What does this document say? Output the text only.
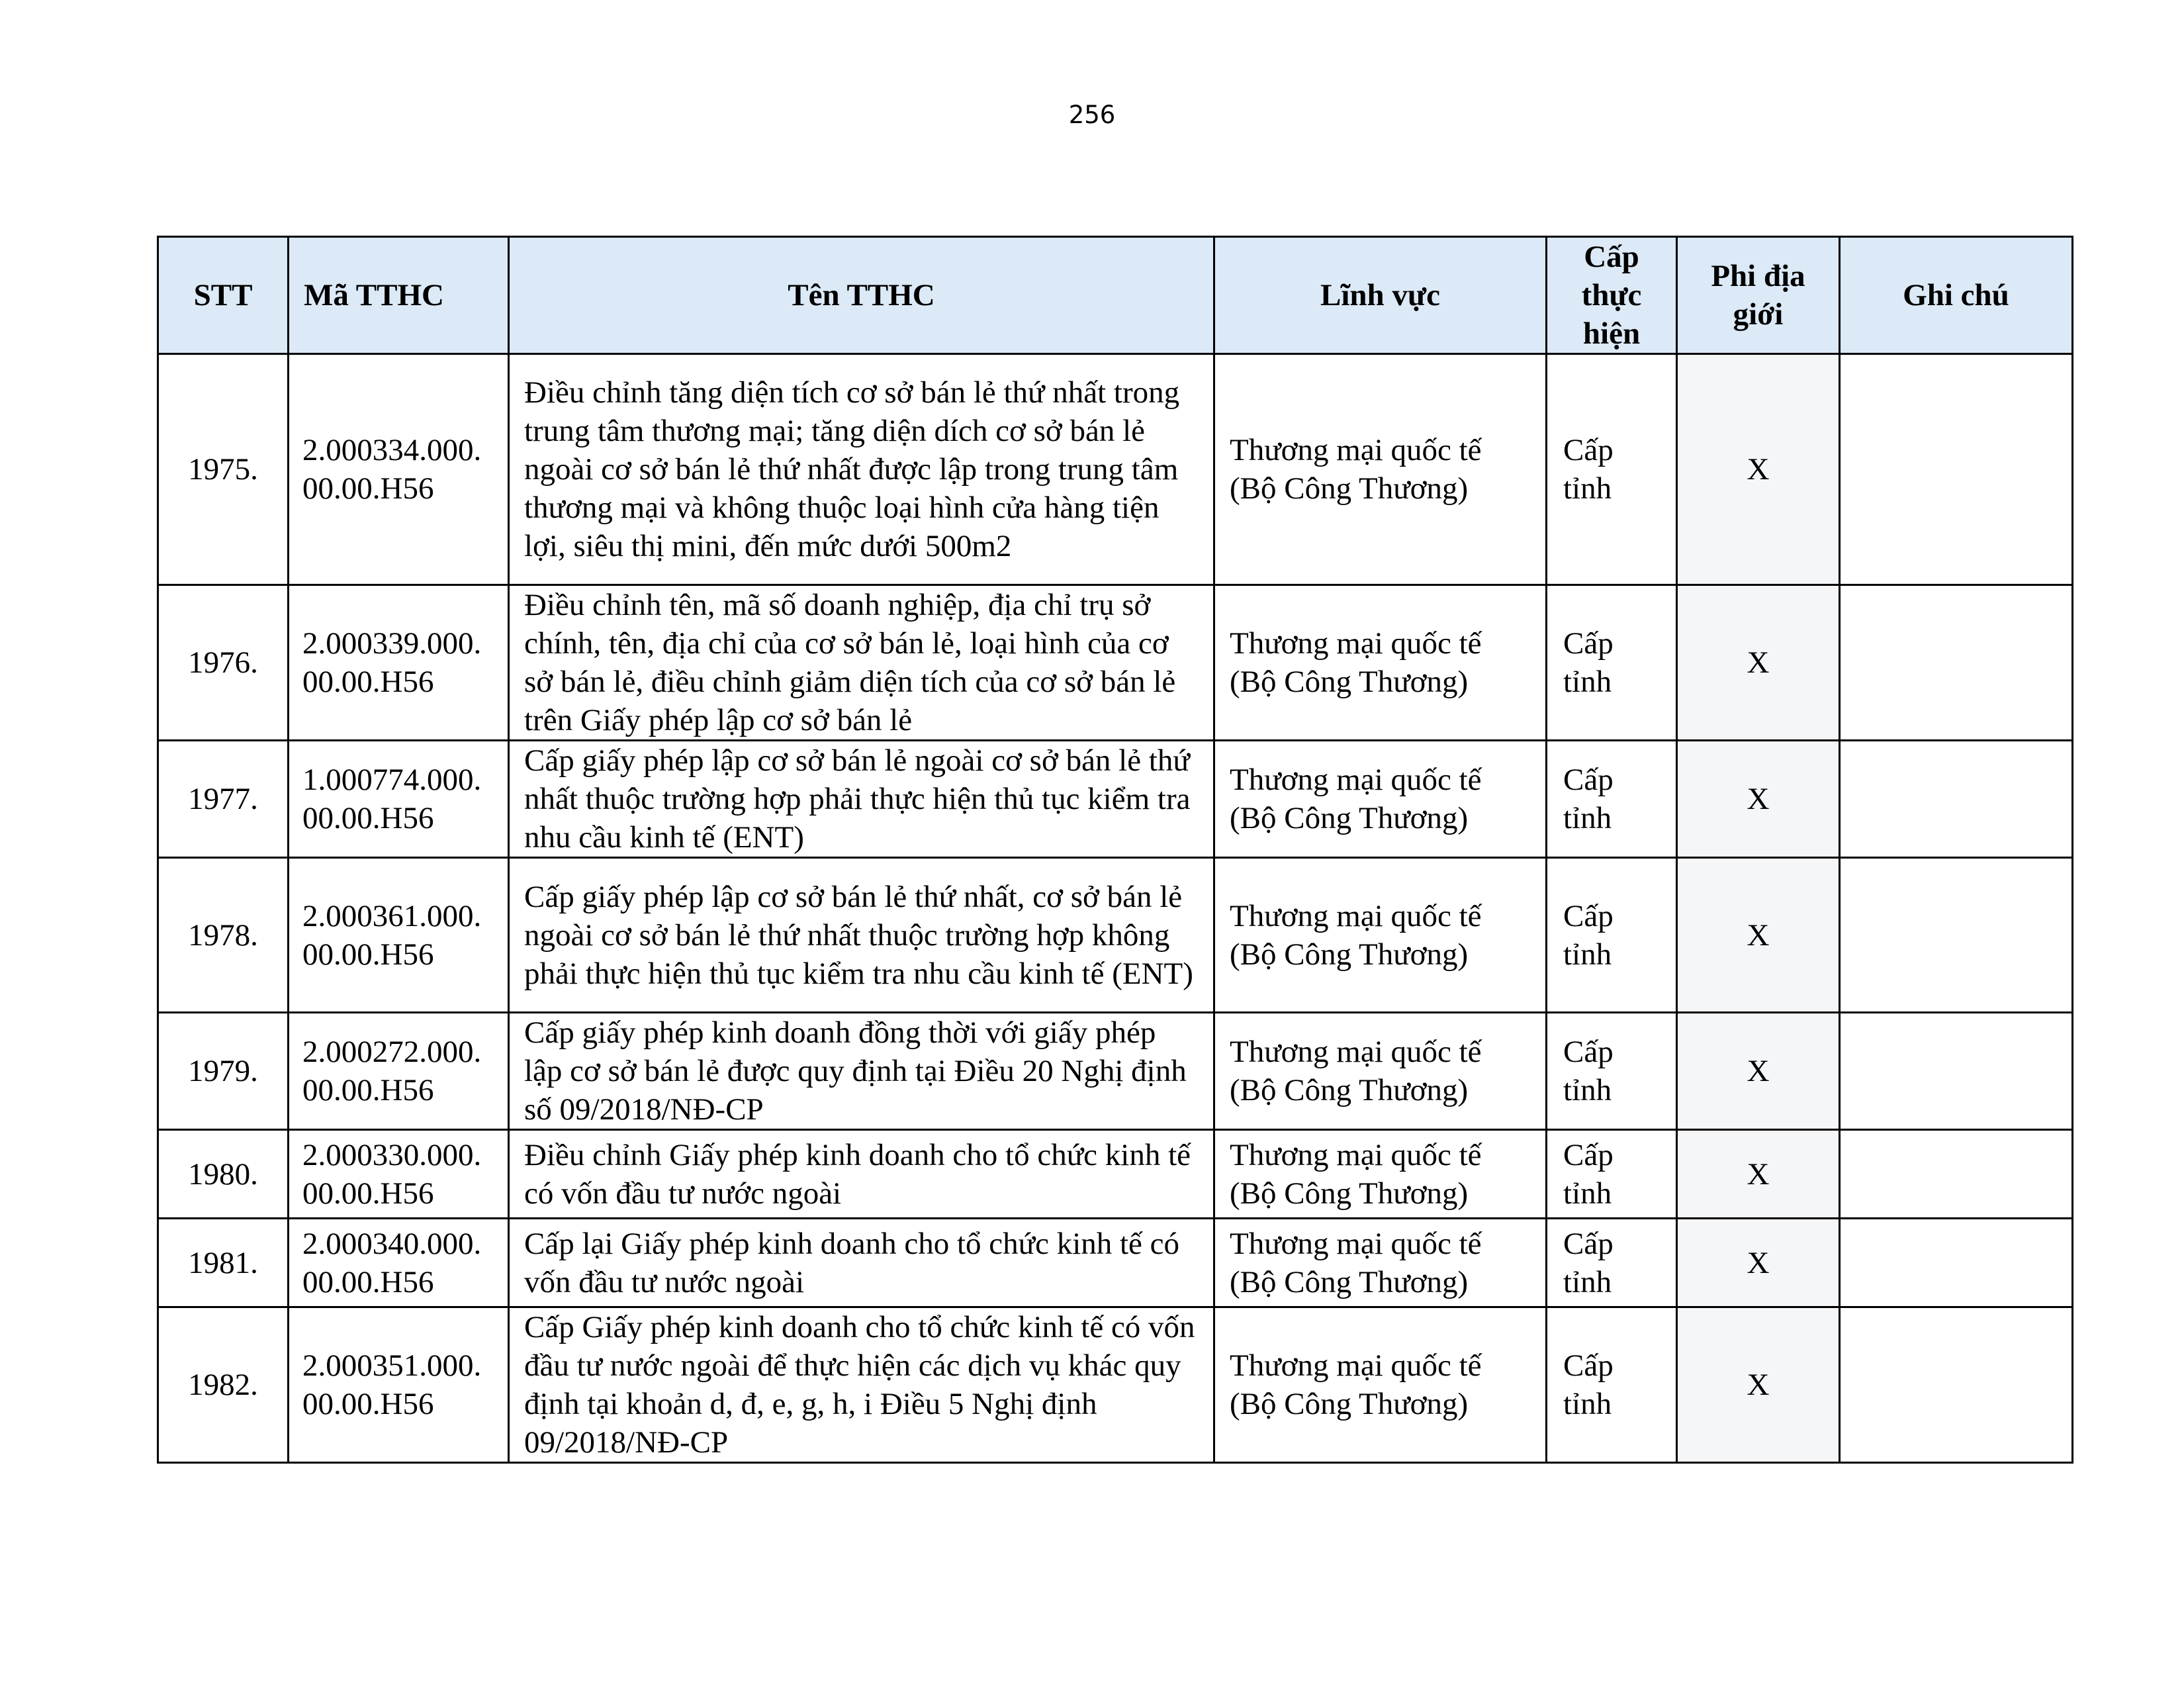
256
STT	Mã TTHC	Tên TTHC	Lĩnh vực	Cấp thực hiện	Phi địa giới	Ghi chú
1975.	2.000334.000.00.00.H56	Điều chỉnh tăng diện tích cơ sở bán lẻ thứ nhất trong trung tâm thương mại; tăng diện dích cơ sở bán lẻ ngoài cơ sở bán lẻ thứ nhất được lập trong trung tâm thương mại và không thuộc loại hình cửa hàng tiện lợi, siêu thị mini, đến mức dưới 500m2	Thương mại quốc tế (Bộ Công Thương)	Cấp tỉnh	X	
1976.	2.000339.000.00.00.H56	Điều chỉnh tên, mã số doanh nghiệp, địa chỉ trụ sở chính, tên, địa chỉ của cơ sở bán lẻ, loại hình của cơ sở bán lẻ, điều chỉnh giảm diện tích của cơ sở bán lẻ trên Giấy phép lập cơ sở bán lẻ	Thương mại quốc tế (Bộ Công Thương)	Cấp tỉnh	X	
1977.	1.000774.000.00.00.H56	Cấp giấy phép lập cơ sở bán lẻ ngoài cơ sở bán lẻ thứ nhất thuộc trường hợp phải thực hiện thủ tục kiểm tra nhu cầu kinh tế (ENT)	Thương mại quốc tế (Bộ Công Thương)	Cấp tỉnh	X	
1978.	2.000361.000.00.00.H56	Cấp giấy phép lập cơ sở bán lẻ thứ nhất, cơ sở bán lẻ ngoài cơ sở bán lẻ thứ nhất thuộc trường hợp không phải thực hiện thủ tục kiểm tra nhu cầu kinh tế (ENT)	Thương mại quốc tế (Bộ Công Thương)	Cấp tỉnh	X	
1979.	2.000272.000.00.00.H56	Cấp giấy phép kinh doanh đồng thời với giấy phép lập cơ sở bán lẻ được quy định tại Điều 20 Nghị định số 09/2018/NĐ-CP	Thương mại quốc tế (Bộ Công Thương)	Cấp tỉnh	X	
1980.	2.000330.000.00.00.H56	Điều chỉnh Giấy phép kinh doanh cho tổ chức kinh tế có vốn đầu tư nước ngoài	Thương mại quốc tế (Bộ Công Thương)	Cấp tỉnh	X	
1981.	2.000340.000.00.00.H56	Cấp lại Giấy phép kinh doanh cho tổ chức kinh tế có vốn đầu tư nước ngoài	Thương mại quốc tế (Bộ Công Thương)	Cấp tỉnh	X	
1982.	2.000351.000.00.00.H56	Cấp Giấy phép kinh doanh cho tổ chức kinh tế có vốn đầu tư nước ngoài để thực hiện các dịch vụ khác quy định tại khoản d, đ, e, g, h, i Điều 5 Nghị định 09/2018/NĐ-CP	Thương mại quốc tế (Bộ Công Thương)	Cấp tỉnh	X	
